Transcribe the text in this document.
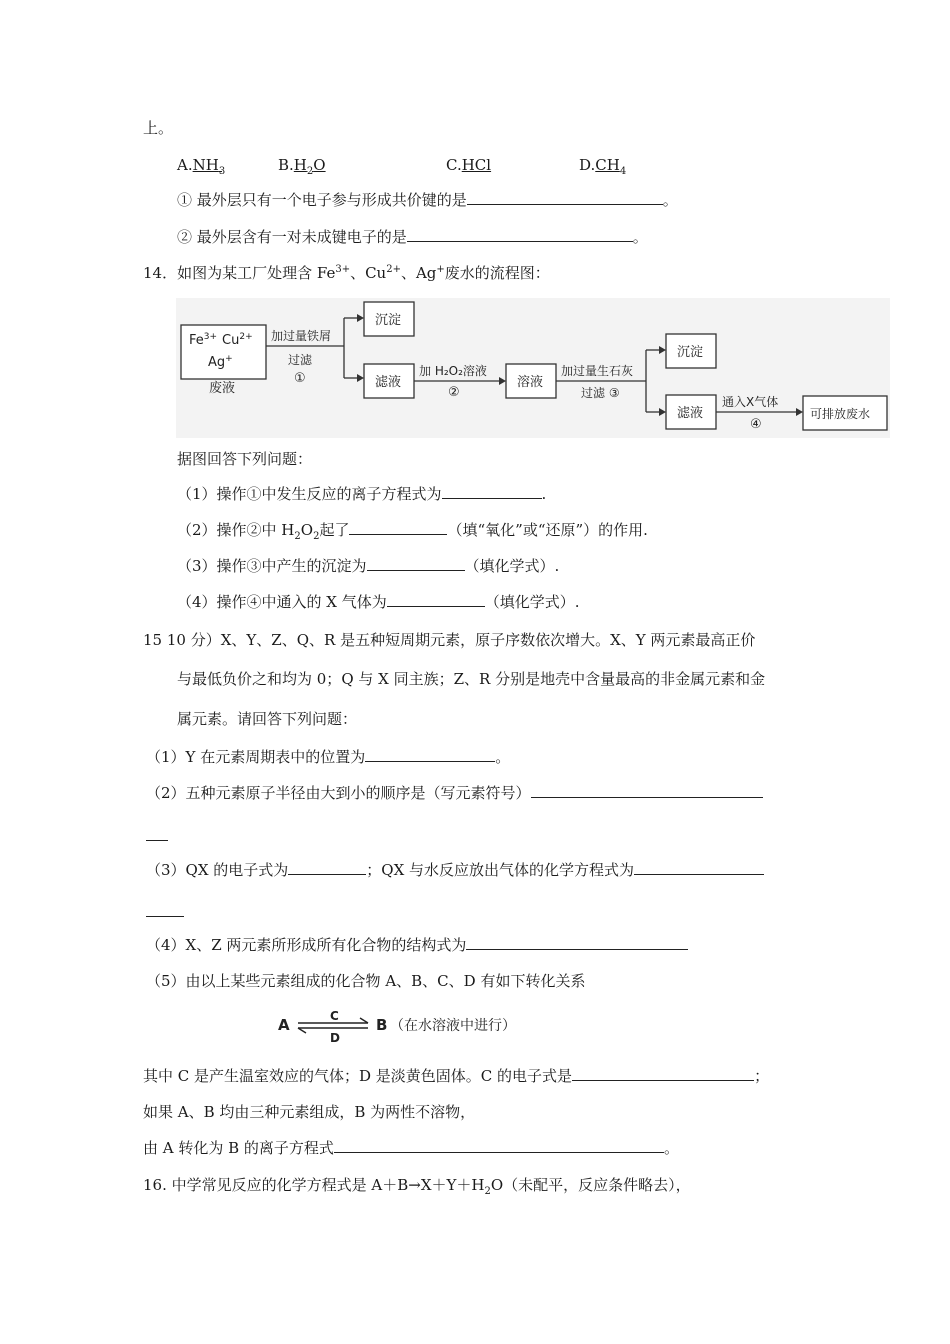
上。
$A.NH_3$	$B.H_2O$	C.HCl	$D.CH_4$
① 最外层只有一个电子参与形成共价键的是	。
② 最外层含有一对未成键电子的是	。
14．如图为某工厂处理含 $Fe^{3+}$、$Cu^{2+}$、Ag+废水的流程图：
$Fe^{3+}$ $Cu^{2+}$
Ag+
废液
加过量铁屑
过滤
①
沉淀
滤液
加 H₂O₂溶液
②
溶液
加过量生石灰
过滤 ③
沉淀
滤液
通入X气体
④
可排放废水
据图回答下列问题：
（1）操作①中发生反应的离子方程式为	.
（2）操作②中 $H_2O_2$起了	（填“氧化”或“还原”）的作用.
（3）操作③中产生的沉淀为	（填化学式）.
（4）操作④中通入的 X 气体为	（填化学式）.
15 10 分）X、Y、Z、Q、R 是五种短周期元素，原子序数依次增大。X、Y 两元素最高正价
与最低负价之和均为 0；Q 与 X 同主族；Z、R 分别是地壳中含量最高的非金属元素和金
属元素。请回答下列问题：
（1）Y 在元素周期表中的位置为	。
（2）五种元素原子半径由大到小的顺序是（写元素符号）
（3）QX 的电子式为	；QX 与水反应放出气体的化学方程式为
（4）X、Z 两元素所形成所有化合物的结构式为
（5）由以上某些元素组成的化合物 A、B、C、D 有如下转化关系
A	C
D
B （在水溶液中进行）
其中 C 是产生温室效应的气体；D 是淡黄色固体。C 的电子式是	；
如果 A、B 均由三种元素组成，B 为两性不溶物，
由 A 转化为 B 的离子方程式	。
16. 中学常见反应的化学方程式是 $A+B\to X+Y+H_2O$（未配平，反应条件略去），
